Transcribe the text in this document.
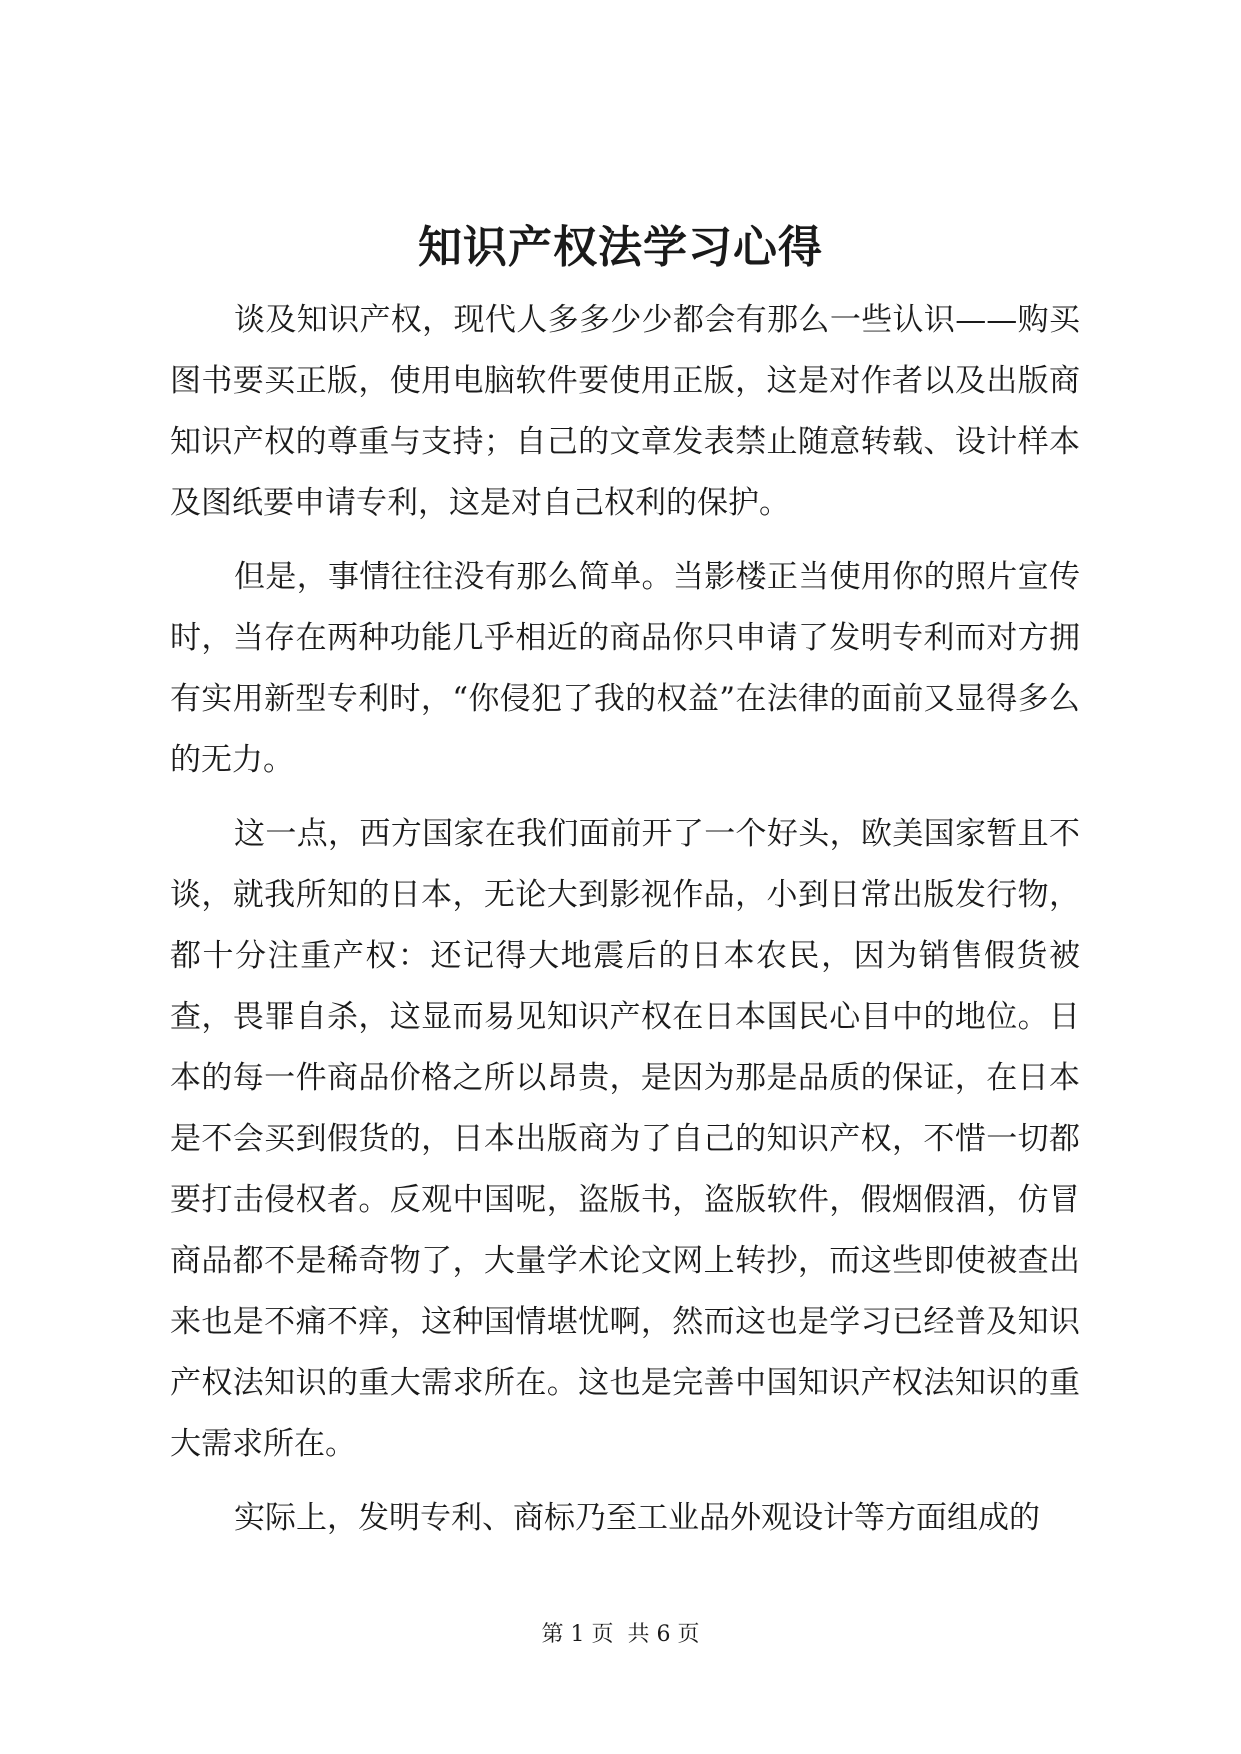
知识产权法学习心得

谈及知识产权，现代人多多少少都会有那么一些认识——购买图书要买正版，使用电脑软件要使用正版，这是对作者以及出版商知识产权的尊重与支持；自己的文章发表禁止随意转载、设计样本及图纸要申请专利，这是对自己权利的保护。

但是，事情往往没有那么简单。当影楼正当使用你的照片宣传时，当存在两种功能几乎相近的商品你只申请了发明专利而对方拥有实用新型专利时，“你侵犯了我的权益”在法律的面前又显得多么的无力。

这一点，西方国家在我们面前开了一个好头，欧美国家暂且不谈，就我所知的日本，无论大到影视作品，小到日常出版发行物，都十分注重产权：还记得大地震后的日本农民，因为销售假货被查，畏罪自杀，这显而易见知识产权在日本国民心目中的地位。日本的每一件商品价格之所以昂贵，是因为那是品质的保证，在日本是不会买到假货的，日本出版商为了自己的知识产权，不惜一切都要打击侵权者。反观中国呢，盗版书，盗版软件，假烟假酒，仿冒商品都不是稀奇物了，大量学术论文网上转抄，而这些即使被查出来也是不痛不痒，这种国情堪忧啊，然而这也是学习已经普及知识产权法知识的重大需求所在。这也是完善中国知识产权法知识的重大需求所在。

实际上，发明专利、商标乃至工业品外观设计等方面组成的

第 1 页  共 6 页
